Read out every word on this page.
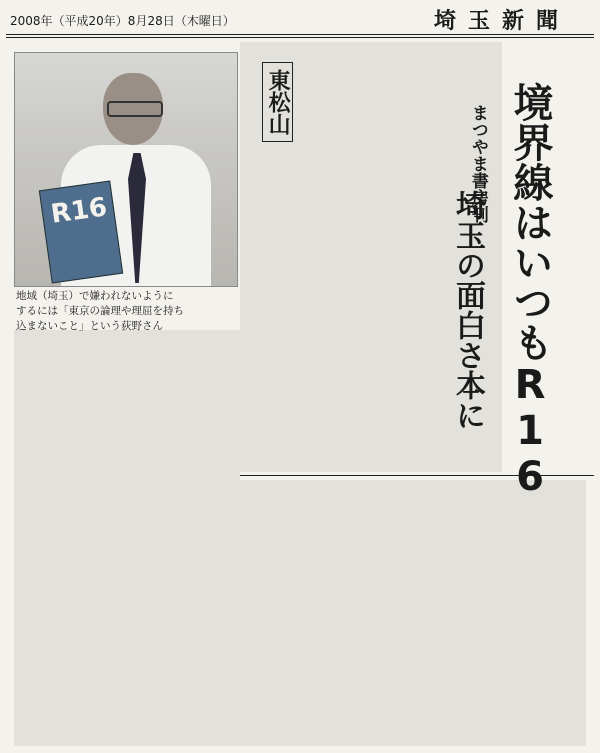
2008年（平成20年）8月28日（木曜日）	埼玉新聞
R16
地域（埼玉）で嫌われないように
するには「東京の論理や理屈を持ち
込まないこと」という荻野さん	境界線はいつもR16
まつやま書房刊
埼玉の面白さ本に
東松山
